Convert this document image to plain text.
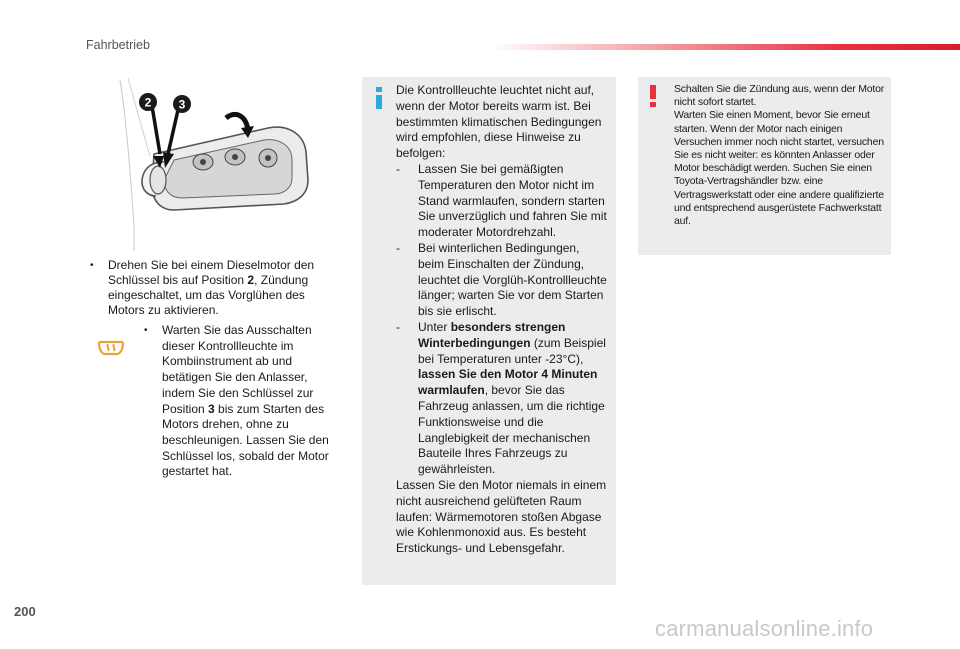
Fahrbetrieb
2 3
• Drehen Sie bei einem Dieselmotor den Schlüssel bis auf Position 2, Zündung eingeschaltet, um das Vorglühen des Motors zu aktivieren.
• Warten Sie das Ausschalten dieser Kontrollleuchte im Kombiinstrument ab und betätigen Sie den Anlasser, indem Sie den Schlüssel zur Position 3 bis zum Starten des Motors drehen, ohne zu beschleunigen. Lassen Sie den Schlüssel los, sobald der Motor gestartet hat.

Die Kontrollleuchte leuchtet nicht auf, wenn der Motor bereits warm ist. Bei bestimmten klimatischen Bedingungen wird empfohlen, diese Hinweise zu befolgen:

- Lassen Sie bei gemäßigten Temperaturen den Motor nicht im Stand warmlaufen, sondern starten Sie unverzüglich und fahren Sie mit moderater Motordrehzahl.
- Bei winterlichen Bedingungen, beim Einschalten der Zündung, leuchtet die Vorglüh-Kontrollleuchte länger; warten Sie vor dem Starten bis sie erlischt.
- Unter besonders strengen Winterbedingungen (zum Beispiel bei Temperaturen unter -23°C), lassen Sie den Motor 4 Minuten warmlaufen, bevor Sie das Fahrzeug anlassen, um die richtige Funktionsweise und die Langlebigkeit der mechanischen Bauteile Ihres Fahrzeugs zu gewährleisten.

Lassen Sie den Motor niemals in einem nicht ausreichend gelüfteten Raum laufen: Wärmemotoren stoßen Abgase wie Kohlenmonoxid aus. Es besteht Erstickungs- und Lebensgefahr.

Schalten Sie die Zündung aus, wenn der Motor nicht sofort startet.

Warten Sie einen Moment, bevor Sie erneut starten. Wenn der Motor nach einigen Versuchen immer noch nicht startet, versuchen Sie es nicht weiter: es könnten Anlasser oder Motor beschädigt werden. Suchen Sie einen Toyota-Vertragshändler bzw. eine Vertragswerkstatt oder eine andere qualifizierte und entsprechend ausgerüstete Fachwerkstatt auf.

200
carmanualsonline.info
